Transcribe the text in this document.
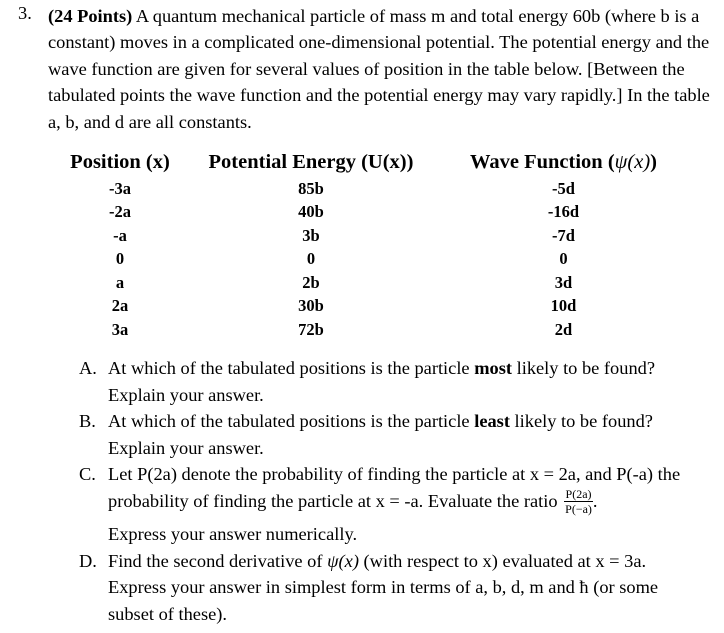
3. (24 Points) A quantum mechanical particle of mass m and total energy 60b (where b is a constant) moves in a complicated one-dimensional potential. The potential energy and the wave function are given for several values of position in the table below. [Between the tabulated points the wave function and the potential energy may vary rapidly.] In the table a, b, and d are all constants.
Position (x)	Potential Energy (U(x))	Wave Function (ψ(x))
-3a	85b	-5d
-2a	40b	-16d
-a	3b	-7d
0	0	0
a	2b	3d
2a	30b	10d
3a	72b	2d
A. At which of the tabulated positions is the particle most likely to be found? Explain your answer.
B. At which of the tabulated positions is the particle least likely to be found? Explain your answer.
C. Let P(2a) denote the probability of finding the particle at x = 2a, and P(-a) the probability of finding the particle at x = -a. Evaluate the ratio $\frac{P(2a)}{P(-a)}$ .
Express your answer numerically.
D. Find the second derivative of ψ(x) (with respect to x) evaluated at x = 3a. Express your answer in simplest form in terms of a, b, d, m and ħ (or some subset of these).
